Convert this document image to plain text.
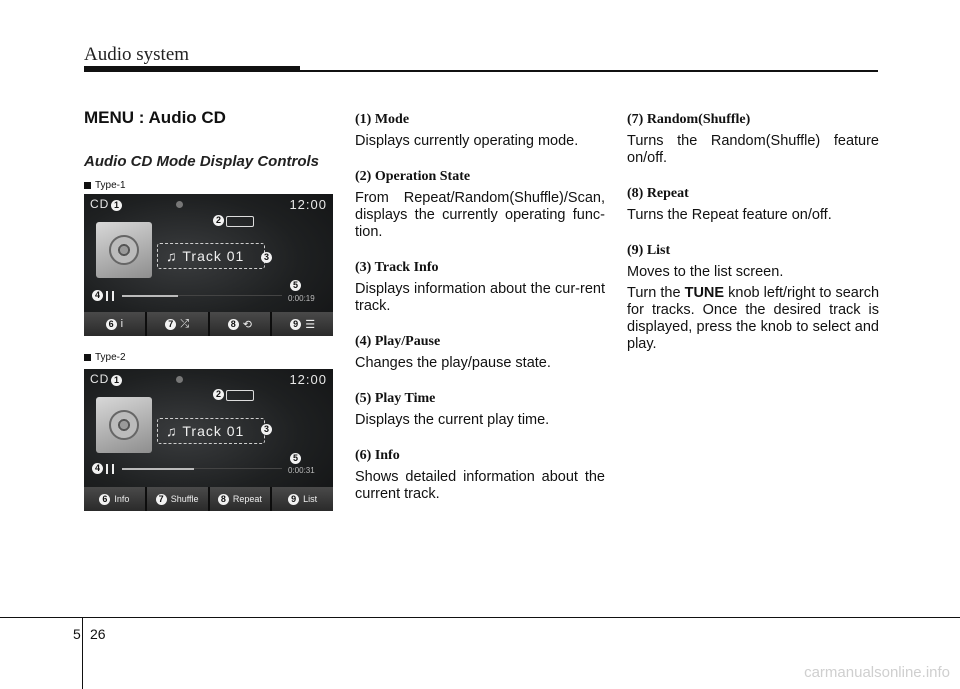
Audio system
MENU : Audio CD
Audio CD Mode Display Controls
Type-1
CD 1	12:00
2
♫ Track 01	3
5
4	0:00:19
6 i	7 ⤮	8 ⟲	9 ☰
Type-2
CD 1	12:00
2
♫ Track 01	3
5
4	0:00:31
6 Info	7 Shuffle	8 Repeat	9 List
(1) Mode

Displays currently operating mode.

(2) Operation State

From Repeat/Random(Shuffle)/Scan, displays the currently operating func-tion.

(3) Track Info

Displays information about the cur-rent track.

(4) Play/Pause

Changes the play/pause state.

(5) Play Time

Displays the current play time.

(6) Info

Shows detailed information about the current track.

(7) Random(Shuffle)

Turns the Random(Shuffle) feature on/off.

(8) Repeat

Turns the Repeat feature on/off.

(9) List

Moves to the list screen.

Turn the TUNE knob left/right to search for tracks. Once the desired track is displayed, press the knob to select and play.

5 26
carmanualsonline.info
